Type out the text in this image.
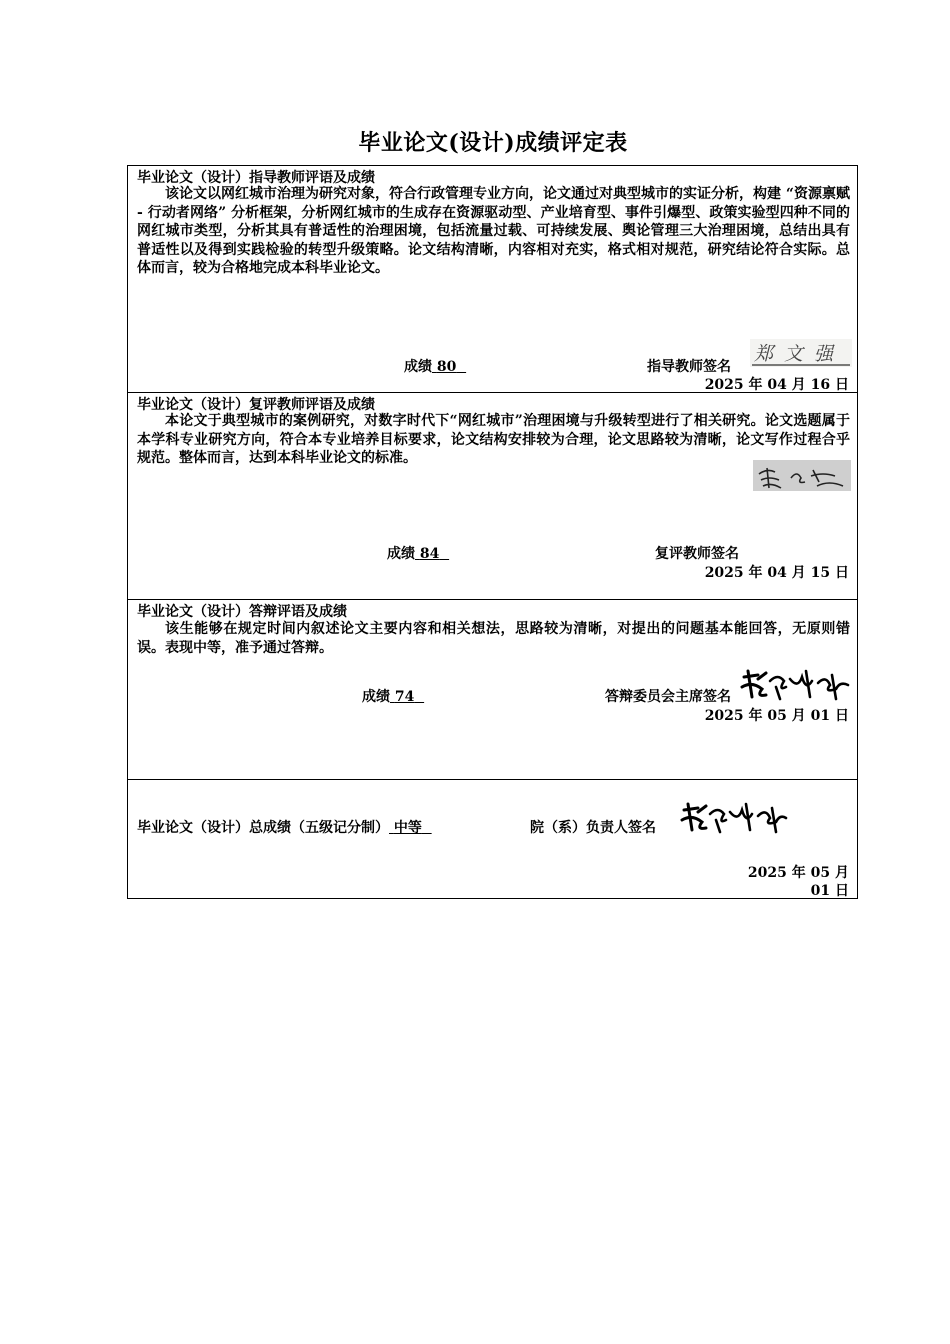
毕业论文(设计)成绩评定表
毕业论文（设计）指导教师评语及成绩
该论文以网红城市治理为研究对象，符合行政管理专业方向，论文通过对典型城市的实证分析，构建 “资源禀赋 - 行动者网络” 分析框架，分析网红城市的生成存在资源驱动型、产业培育型、事件引爆型、政策实验型四种不同的网红城市类型，分析其具有普适性的治理困境，包括流量过载、可持续发展、舆论管理三大治理困境，总结出具有普适性以及得到实践检验的转型升级策略。论文结构清晰，内容相对充实，格式相对规范，研究结论符合实际。总体而言，较为合格地完成本科毕业论文。
成绩 80	指导教师签名
郑文强
2025 年 04 月 16 日
毕业论文（设计）复评教师评语及成绩
本论文于典型城市的案例研究，对数字时代下“网红城市”治理困境与升级转型进行了相关研究。论文选题属于本学科专业研究方向，符合本专业培养目标要求，论文结构安排较为合理，论文思路较为清晰，论文写作过程合乎规范。整体而言，达到本科毕业论文的标准。
成绩 84	复评教师签名
2025 年 04 月 15 日
毕业论文（设计）答辩评语及成绩
该生能够在规定时间内叙述论文主要内容和相关想法，思路较为清晰，对提出的问题基本能回答，无原则错误。表现中等，准予通过答辩。
成绩 74	答辩委员会主席签名
2025 年 05 月 01 日
毕业论文（设计）总成绩（五级记分制） 中等	院（系）负责人签名
2025 年 05 月
01 日
